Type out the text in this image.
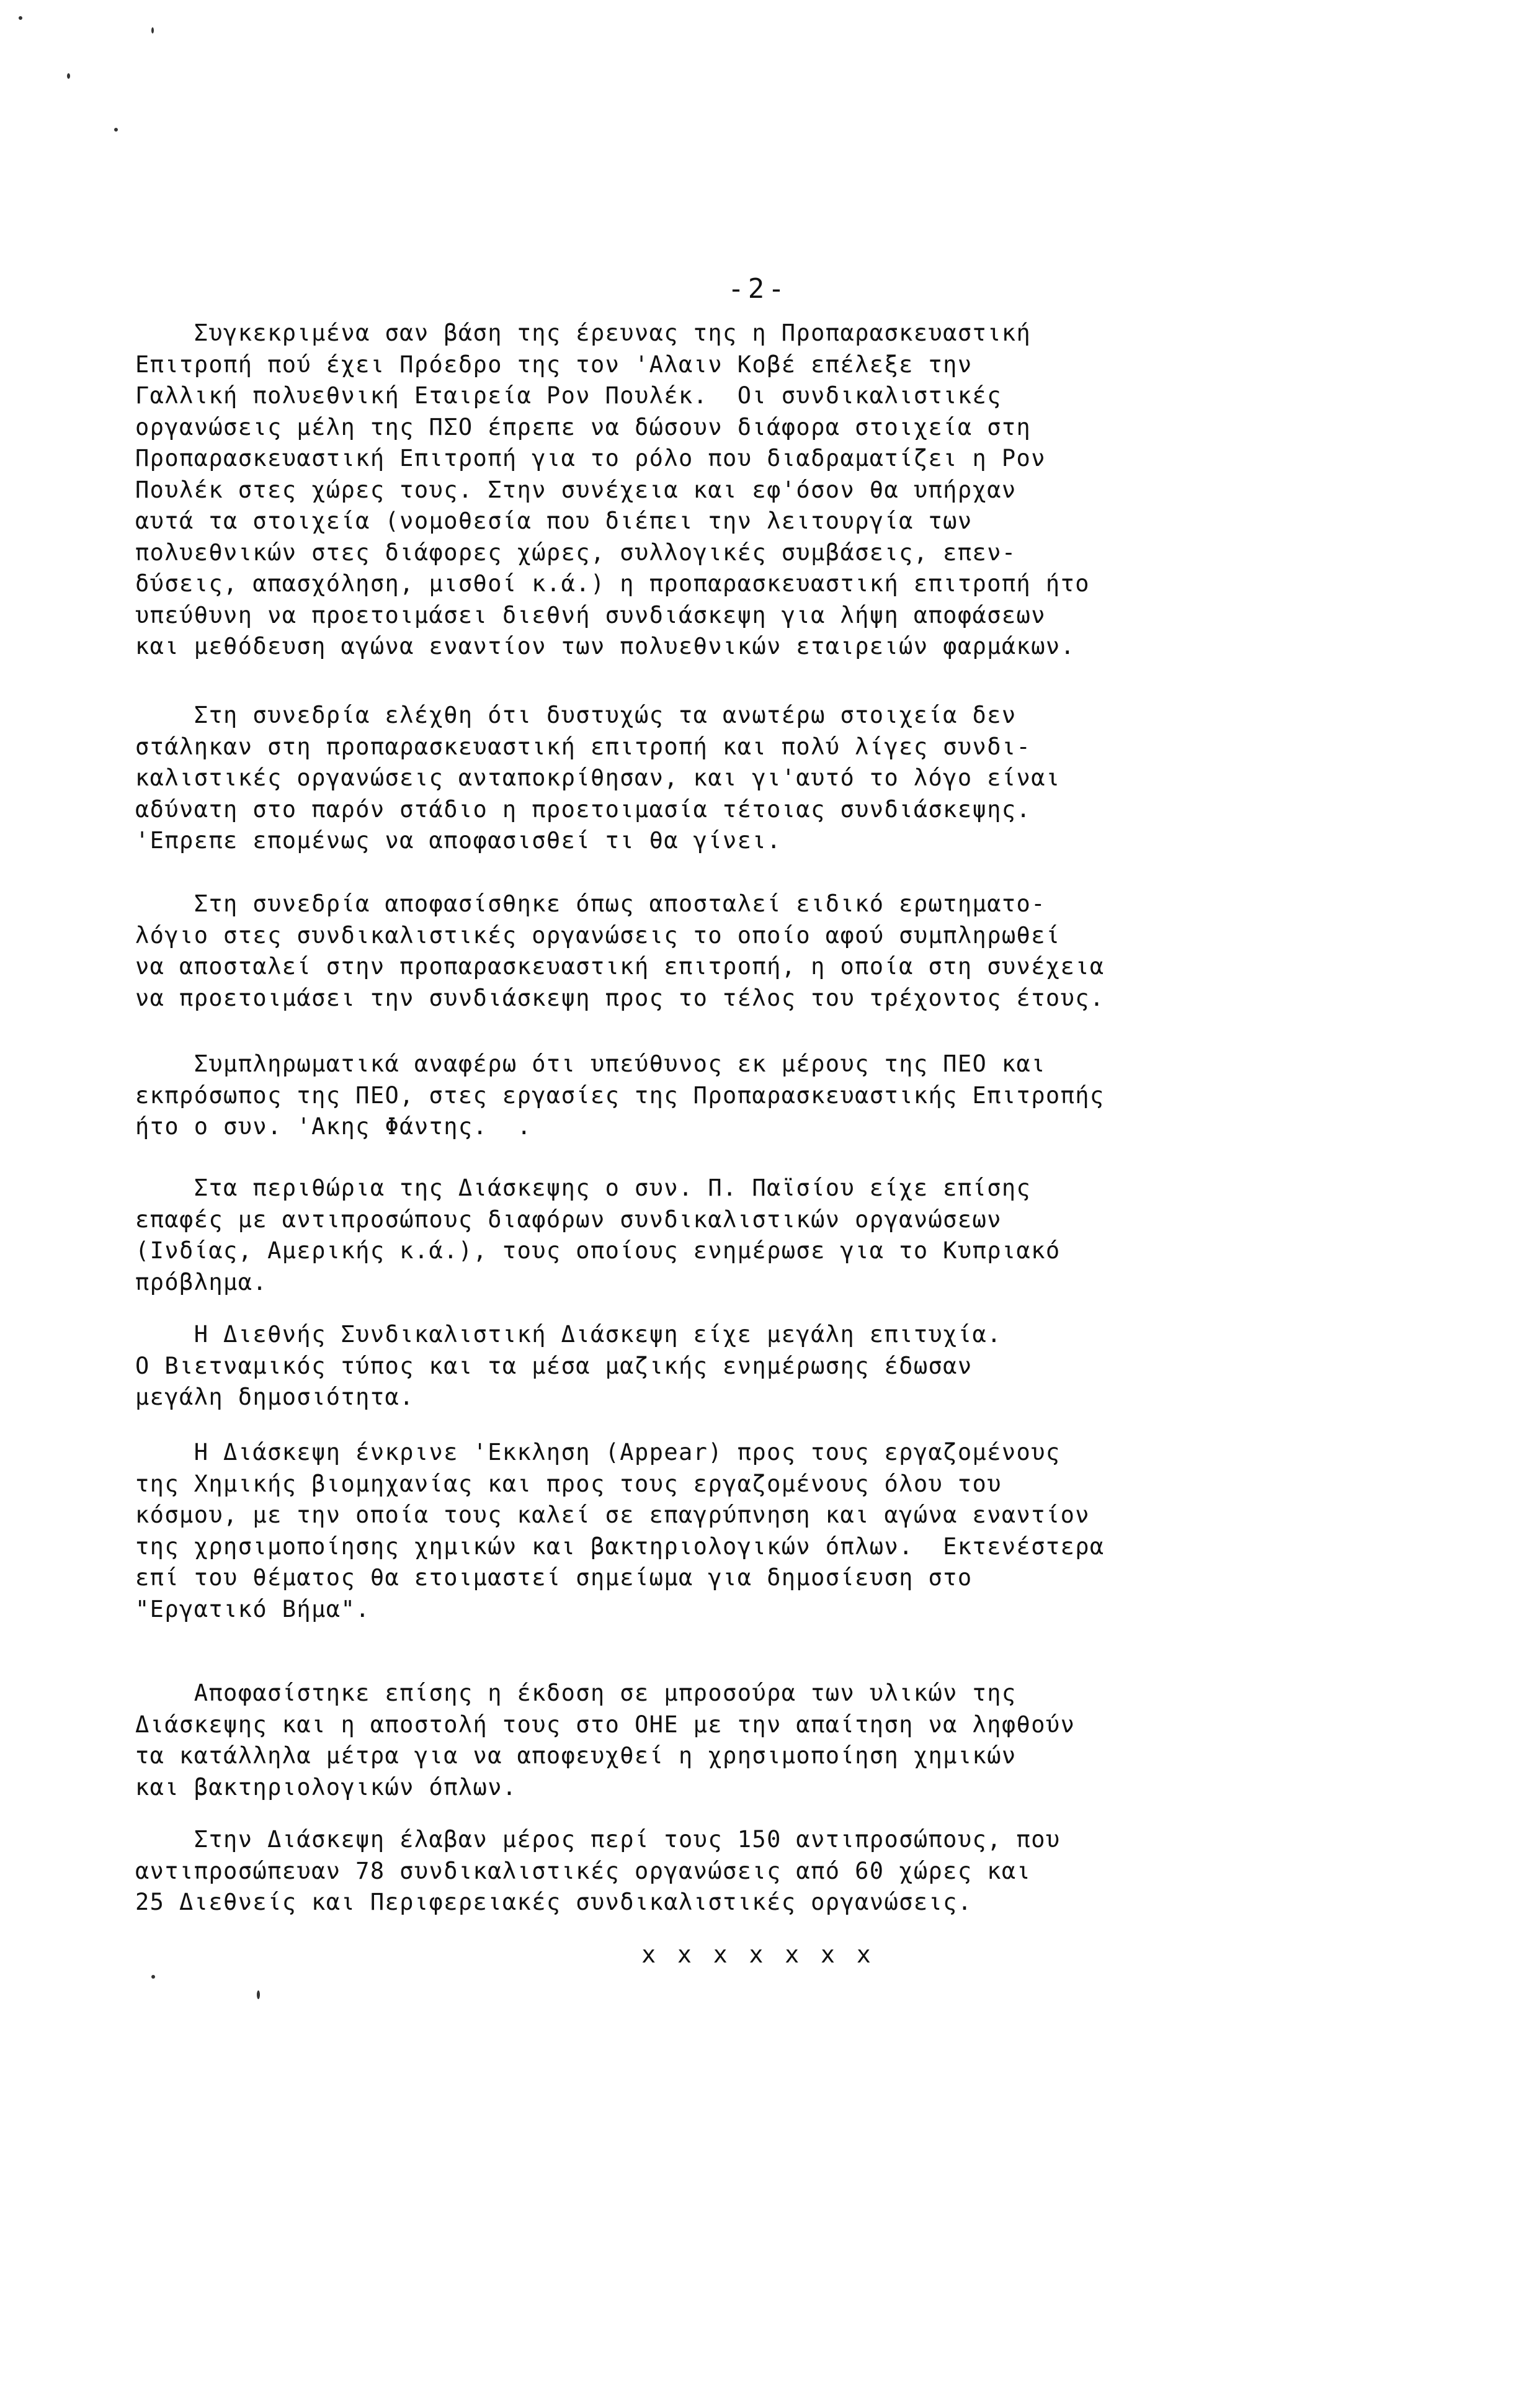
-2-
Συγκεκριμένα σαν βάση της έρευνας της η Προπαρασκευαστική
Επιτροπή πού έχει Πρόεδρο της τον 'Αλαιν Κοβέ επέλεξε την
Γαλλική πολυεθνική Εταιρεία Ρον Πουλέκ.  Οι συνδικαλιστικές
οργανώσεις μέλη της ΠΣΟ έπρεπε να δώσουν διάφορα στοιχεία στη
Προπαρασκευαστική Επιτροπή για το ρόλο που διαδραματίζει η Ρον
Πουλέκ στες χώρες τους. Στην συνέχεια και εφ'όσον θα υπήρχαν
αυτά τα στοιχεία (νομοθεσία που διέπει την λειτουργία των
πολυεθνικών στες διάφορες χώρες, συλλογικές συμβάσεις, επεν-
δύσεις, απασχόληση, μισθοί κ.ά.) η προπαρασκευαστική επιτροπή ήτο
υπεύθυνη να προετοιμάσει διεθνή συνδιάσκεψη για λήψη αποφάσεων
και μεθόδευση αγώνα εναντίον των πολυεθνικών εταιρειών φαρμάκων.
Στη συνεδρία ελέχθη ότι δυστυχώς τα ανωτέρω στοιχεία δεν
στάληκαν στη προπαρασκευαστική επιτροπή και πολύ λίγες συνδι-
καλιστικές οργανώσεις ανταποκρίθησαν, και γι'αυτό το λόγο είναι
αδύνατη στο παρόν στάδιο η προετοιμασία τέτοιας συνδιάσκεψης.
'Επρεπε επομένως να αποφασισθεί τι θα γίνει.
Στη συνεδρία αποφασίσθηκε όπως αποσταλεί ειδικό ερωτηματο-
λόγιο στες συνδικαλιστικές οργανώσεις το οποίο αφού συμπληρωθεί
να αποσταλεί στην προπαρασκευαστική επιτροπή, η οποία στη συνέχεια
να προετοιμάσει την συνδιάσκεψη προς το τέλος του τρέχοντος έτους.
Συμπληρωματικά αναφέρω ότι υπεύθυνος εκ μέρους της ΠΕΟ και
εκπρόσωπος της ΠΕΟ, στες εργασίες της Προπαρασκευαστικής Επιτροπής
ήτο ο συν. 'Ακης Φάντης.  .
Στα περιθώρια της Διάσκεψης ο συν. Π. Παϊσίου είχε επίσης
επαφές με αντιπροσώπους διαφόρων συνδικαλιστικών οργανώσεων
(Ινδίας, Αμερικής κ.ά.), τους οποίους ενημέρωσε για το Κυπριακό
πρόβλημα.
Η Διεθνής Συνδικαλιστική Διάσκεψη είχε μεγάλη επιτυχία.
Ο Βιετναμικός τύπος και τα μέσα μαζικής ενημέρωσης έδωσαν
μεγάλη δημοσιότητα.
Η Διάσκεψη ένκρινε 'Εκκληση (Appear) προς τους εργαζομένους
της Χημικής βιομηχανίας και προς τους εργαζομένους όλου του
κόσμου, με την οποία τους καλεί σε επαγρύπνηση και αγώνα εναντίον
της χρησιμοποίησης χημικών και βακτηριολογικών όπλων.  Εκτενέστερα
επί του θέματος θα ετοιμαστεί σημείωμα για δημοσίευση στο
"Εργατικό Βήμα".
Αποφασίστηκε επίσης η έκδοση σε μπροσούρα των υλικών της
Διάσκεψης και η αποστολή τους στο ΟΗΕ με την απαίτηση να ληφθούν
τα κατάλληλα μέτρα για να αποφευχθεί η χρησιμοποίηση χημικών
και βακτηριολογικών όπλων.
Στην Διάσκεψη έλαβαν μέρος περί τους 150 αντιπροσώπους, που
αντιπροσώπευαν 78 συνδικαλιστικές οργανώσεις από 60 χώρες και
25 Διεθνείς και Περιφερειακές συνδικαλιστικές οργανώσεις.
x x x x x x x
